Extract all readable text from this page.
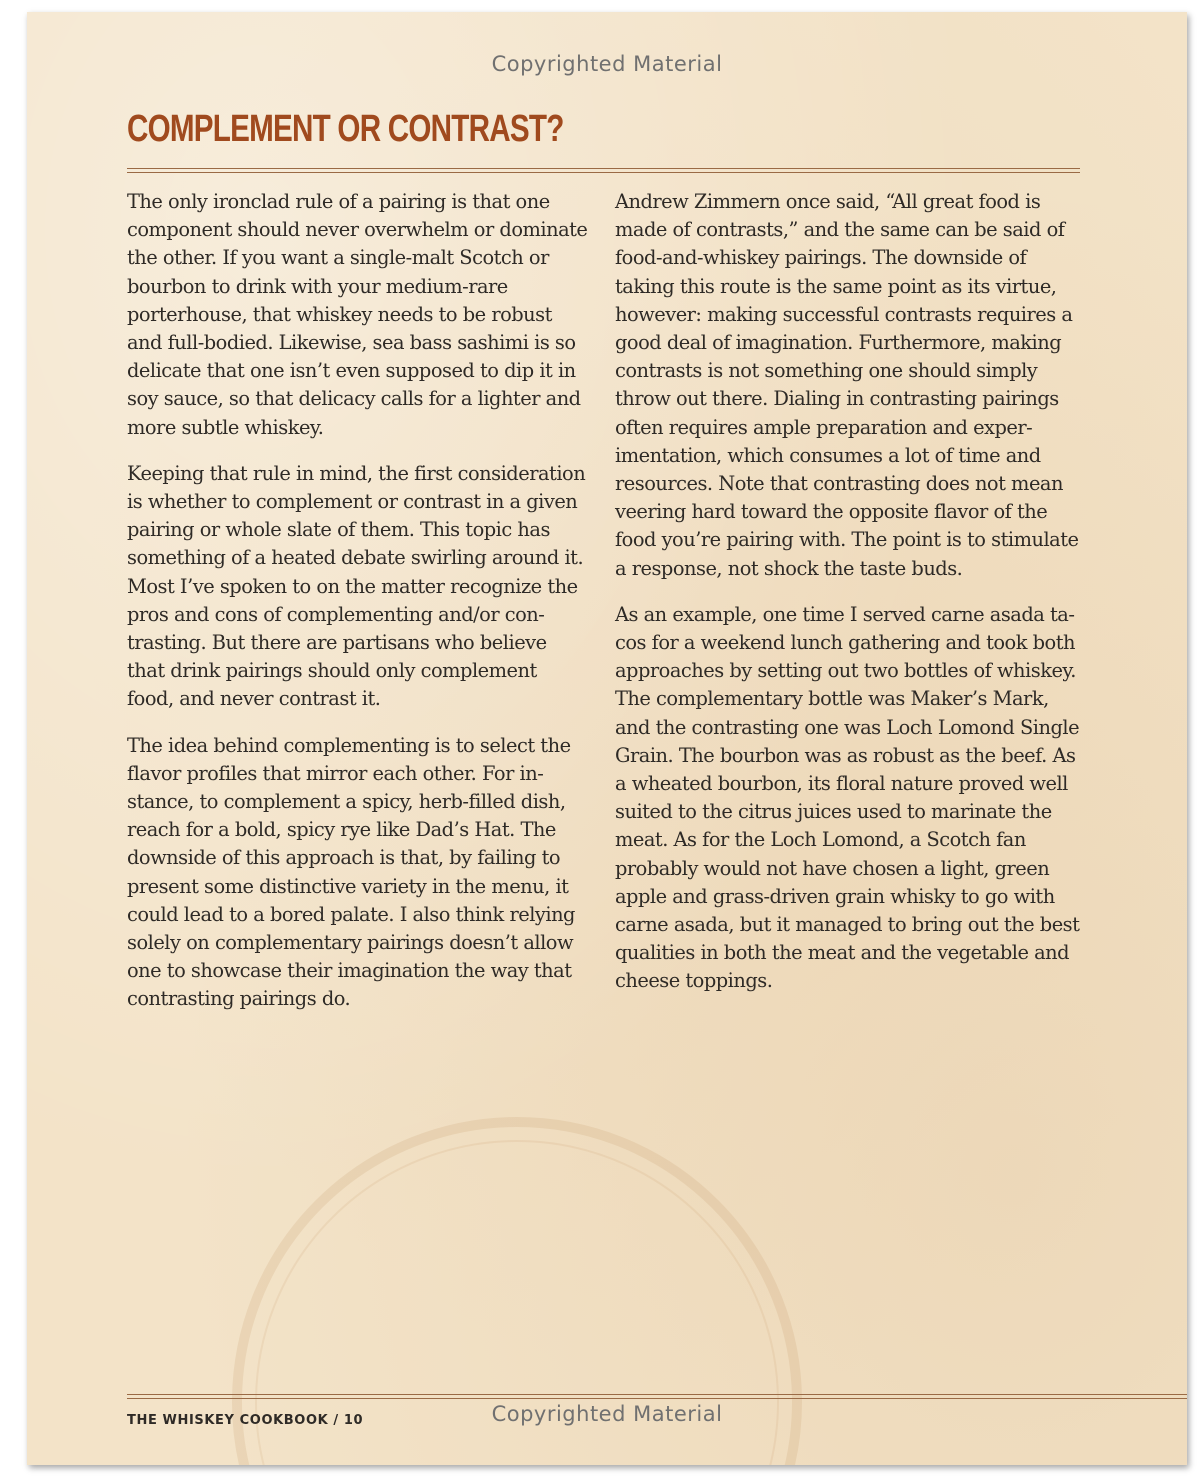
Copyrighted Material
COMPLEMENT OR CONTRAST?

The only ironclad rule of a pairing is that one component should never overwhelm or dominate the other. If you want a single-malt Scotch or bourbon to drink with your medium-rare porterhouse, that whiskey needs to be robust and full-bodied. Likewise, sea bass sashimi is so delicate that one isn’t even supposed to dip it in soy sauce, so that delicacy calls for a lighter and more subtle whiskey.

Keeping that rule in mind, the first consideration is whether to complement or contrast in a given pairing or whole slate of them. This topic has something of a heated debate swirling around it. Most I’ve spoken to on the matter recognize the pros and cons of complementing and/or contrasting. But there are partisans who believe that drink pairings should only complement food, and never contrast it.

The idea behind complementing is to select the flavor profiles that mirror each other. For instance, to complement a spicy, herb-filled dish, reach for a bold, spicy rye like Dad’s Hat. The downside of this approach is that, by failing to present some distinctive variety in the menu, it could lead to a bored palate. I also think relying solely on complementary pairings doesn’t allow one to showcase their imagination the way that contrasting pairings do.

Andrew Zimmern once said, “All great food is made of contrasts,” and the same can be said of food-and-whiskey pairings. The downside of taking this route is the same point as its virtue, however: making successful contrasts requires a good deal of imagination. Furthermore, making contrasts is not something one should simply throw out there. Dialing in contrasting pairings often requires ample preparation and experimentation, which consumes a lot of time and resources. Note that contrasting does not mean veering hard toward the opposite flavor of the food you’re pairing with. The point is to stimulate a response, not shock the taste buds.

As an example, one time I served carne asada tacos for a weekend lunch gathering and took both approaches by setting out two bottles of whiskey. The complementary bottle was Maker’s Mark, and the contrasting one was Loch Lomond Single Grain. The bourbon was as robust as the beef. As a wheated bourbon, its floral nature proved well suited to the citrus juices used to marinate the meat. As for the Loch Lomond, a Scotch fan probably would not have chosen a light, green apple and grass-driven grain whisky to go with carne asada, but it managed to bring out the best qualities in both the meat and the vegetable and cheese toppings.

THE WHISKEY COOKBOOK / 10	Copyrighted Material
